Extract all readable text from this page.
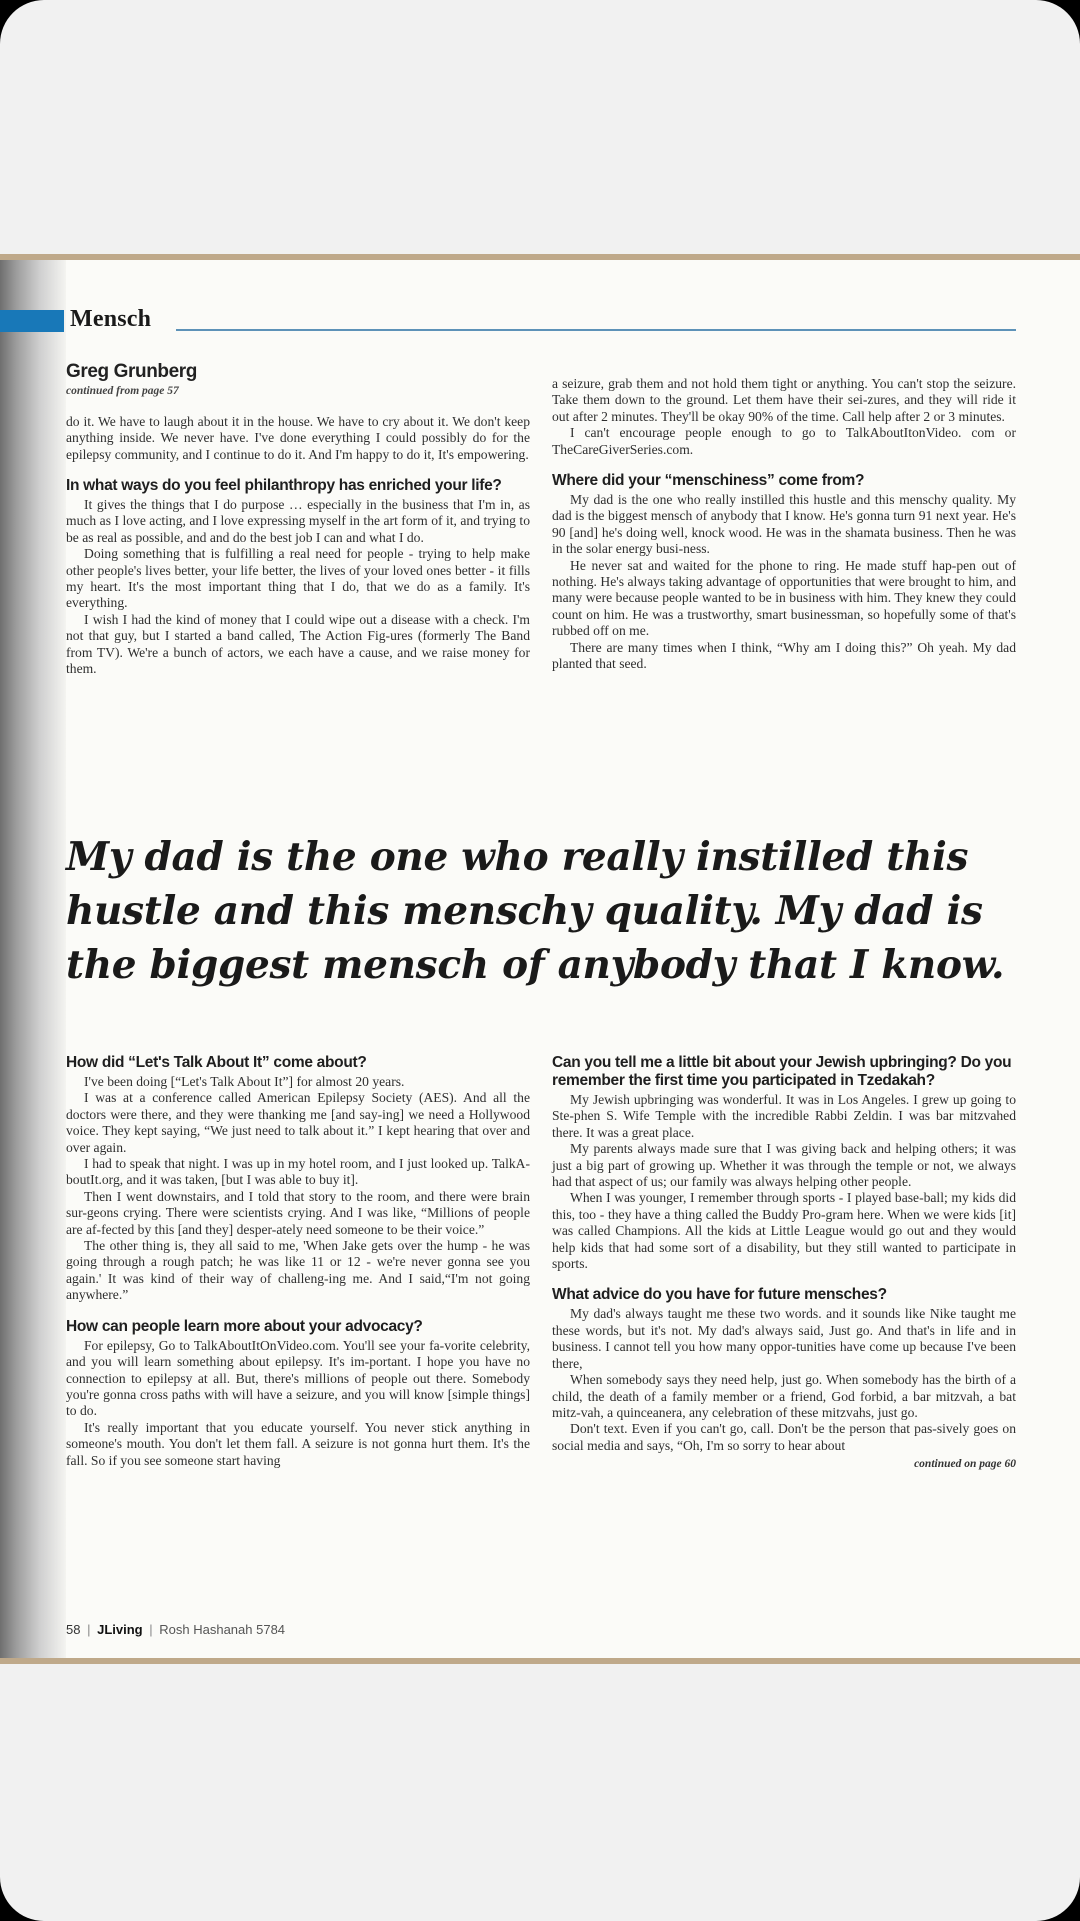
Mensch
Greg Grunberg
continued from page 57

do it. We have to laugh about it in the house. We have to cry about it. We don't keep anything inside. We never have. I've done everything I could possibly do for the epilepsy community, and I continue to do it. And I'm happy to do it, It's empowering.

In what ways do you feel philanthropy has enriched your life?

It gives the things that I do purpose … especially in the business that I'm in, as much as I love acting, and I love expressing myself in the art form of it, and trying to be as real as possible, and and do the best job I can and what I do.

Doing something that is fulfilling a real need for people - trying to help make other people's lives better, your life better, the lives of your loved ones better - it fills my heart. It's the most important thing that I do, that we do as a family. It's everything.

I wish I had the kind of money that I could wipe out a disease with a check. I'm not that guy, but I started a band called, The Action Fig-ures (formerly The Band from TV). We're a bunch of actors, we each have a cause, and we raise money for them.

a seizure, grab them and not hold them tight or anything. You can't stop the seizure. Take them down to the ground. Let them have their sei-zures, and they will ride it out after 2 minutes. They'll be okay 90% of the time. Call help after 2 or 3 minutes.

I can't encourage people enough to go to TalkAboutItonVideo. com or TheCareGiverSeries.com.

Where did your “menschiness” come from?

My dad is the one who really instilled this hustle and this menschy quality. My dad is the biggest mensch of anybody that I know. He's gonna turn 91 next year. He's 90 [and] he's doing well, knock wood. He was in the shamata business. Then he was in the solar energy busi-ness.

He never sat and waited for the phone to ring. He made stuff hap-pen out of nothing. He's always taking advantage of opportunities that were brought to him, and many were because people wanted to be in business with him. They knew they could count on him. He was a trustworthy, smart businessman, so hopefully some of that's rubbed off on me.

There are many times when I think, “Why am I doing this?” Oh yeah. My dad planted that seed.

My dad is the one who really instilled this hustle and this menschy quality. My dad is the biggest mensch of anybody that I know.
How did “Let's Talk About It” come about?

I've been doing [“Let's Talk About It”] for almost 20 years.

I was at a conference called American Epilepsy Society (AES). And all the doctors were there, and they were thanking me [and say-ing] we need a Hollywood voice. They kept saying, “We just need to talk about it.” I kept hearing that over and over again.

I had to speak that night. I was up in my hotel room, and I just looked up. TalkA-boutIt.org, and it was taken, [but I was able to buy it].

Then I went downstairs, and I told that story to the room, and there were brain sur-geons crying. There were scientists crying. And I was like, “Millions of people are af-fected by this [and they] desper-ately need someone to be their voice.”

The other thing is, they all said to me, 'When Jake gets over the hump - he was going through a rough patch; he was like 11 or 12 - we're never gonna see you again.' It was kind of their way of challeng-ing me. And I said,“I'm not going anywhere.”

How can people learn more about your advocacy?

For epilepsy, Go to TalkAboutItOnVideo.com. You'll see your fa-vorite celebrity, and you will learn something about epilepsy. It's im-portant. I hope you have no connection to epilepsy at all. But, there's millions of people out there. Somebody you're gonna cross paths with will have a seizure, and you will know [simple things] to do.

It's really important that you educate yourself. You never stick anything in someone's mouth. You don't let them fall. A seizure is not gonna hurt them. It's the fall. So if you see someone start having

Can you tell me a little bit about your Jewish upbringing? Do you remember the first time you participated in Tzedakah?

My Jewish upbringing was wonderful. It was in Los Angeles. I grew up going to Ste-phen S. Wife Temple with the incredible Rabbi Zeldin. I was bar mitzvahed there. It was a great place.

My parents always made sure that I was giving back and helping others; it was just a big part of growing up. Whether it was through the temple or not, we always had that aspect of us; our family was always helping other people.

When I was younger, I remember through sports - I played base-ball; my kids did this, too - they have a thing called the Buddy Pro-gram here. When we were kids [it] was called Champions. All the kids at Little League would go out and they would help kids that had some sort of a disability, but they still wanted to participate in sports.

What advice do you have for future mensches?

My dad's always taught me these two words. and it sounds like Nike taught me these words, but it's not. My dad's always said, Just go. And that's in life and in business. I cannot tell you how many oppor-tunities have come up because I've been there,

When somebody says they need help, just go. When somebody has the birth of a child, the death of a family member or a friend, God forbid, a bar mitzvah, a bat mitz-vah, a quinceanera, any celebration of these mitzvahs, just go.

Don't text. Even if you can't go, call. Don't be the person that pas-sively goes on social media and says, “Oh, I'm so sorry to hear about

continued on page 60
58 | JLiving | Rosh Hashanah 5784
